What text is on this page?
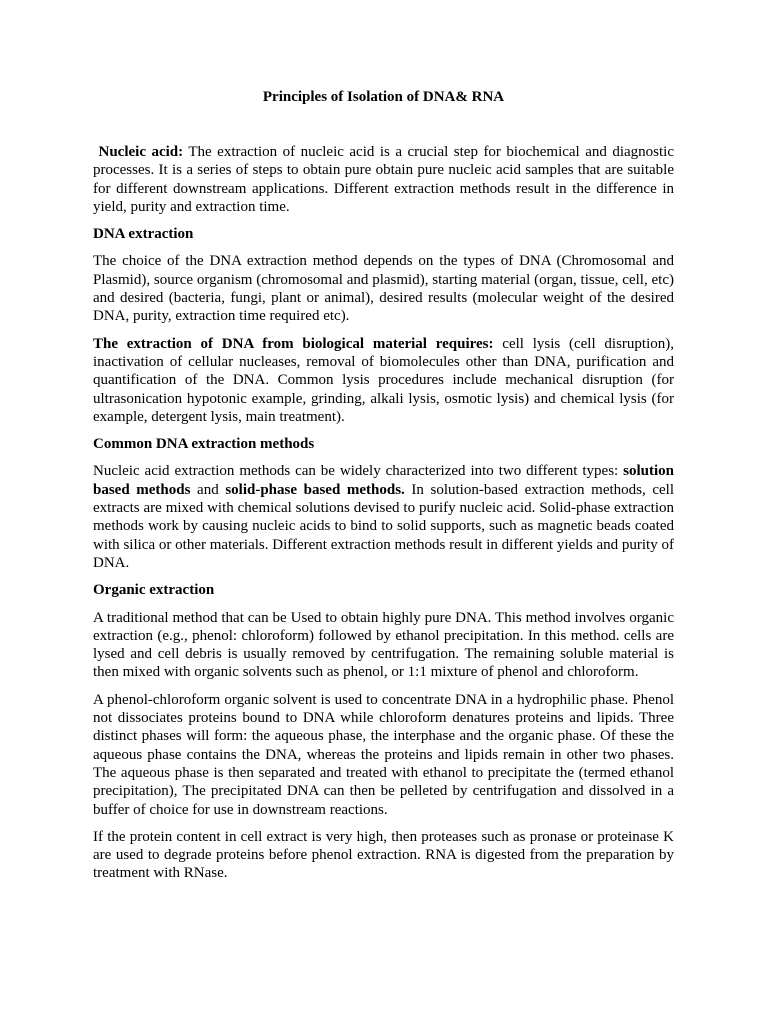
Principles of Isolation of DNA& RNA

Nucleic acid: The extraction of nucleic acid is a crucial step for biochemical and diagnostic processes. It is a series of steps to obtain pure obtain pure nucleic acid samples that are suitable for different downstream applications. Different extraction methods result in the difference in yield, purity and extraction time.

DNA extraction

The choice of the DNA extraction method depends on the types of DNA (Chromosomal and Plasmid), source organism (chromosomal and plasmid), starting material (organ, tissue, cell, etc) and desired (bacteria, fungi, plant or animal), desired results (molecular weight of the desired DNA, purity, extraction time required etc).

The extraction of DNA from biological material requires: cell lysis (cell disruption), inactivation of cellular nucleases, removal of biomolecules other than DNA, purification and quantification of the DNA. Common lysis procedures include mechanical disruption (for ultrasonication hypotonic example, grinding, alkali lysis, osmotic lysis) and chemical lysis (for example, detergent lysis, main treatment).

Common DNA extraction methods

Nucleic acid extraction methods can be widely characterized into two different types: solution based methods and solid-phase based methods. In solution-based extraction methods, cell extracts are mixed with chemical solutions devised to purify nucleic acid. Solid-phase extraction methods work by causing nucleic acids to bind to solid supports, such as magnetic beads coated with silica or other materials. Different extraction methods result in different yields and purity of DNA.

Organic extraction

A traditional method that can be Used to obtain highly pure DNA. This method involves organic extraction (e.g., phenol: chloroform) followed by ethanol precipitation. In this method. cells are lysed and cell debris is usually removed by centrifugation. The remaining soluble material is then mixed with organic solvents such as phenol, or 1:1 mixture of phenol and chloroform.

A phenol-chloroform organic solvent is used to concentrate DNA in a hydrophilic phase. Phenol not dissociates proteins bound to DNA while chloroform denatures proteins and lipids. Three distinct phases will form: the aqueous phase, the interphase and the organic phase. Of these the aqueous phase contains the DNA, whereas the proteins and lipids remain in other two phases. The aqueous phase is then separated and treated with ethanol to precipitate the (termed ethanol precipitation), The precipitated DNA can then be pelleted by centrifugation and dissolved in a buffer of choice for use in downstream reactions.

If the protein content in cell extract is very high, then proteases such as pronase or proteinase K are used to degrade proteins before phenol extraction. RNA is digested from the preparation by treatment with RNase.
